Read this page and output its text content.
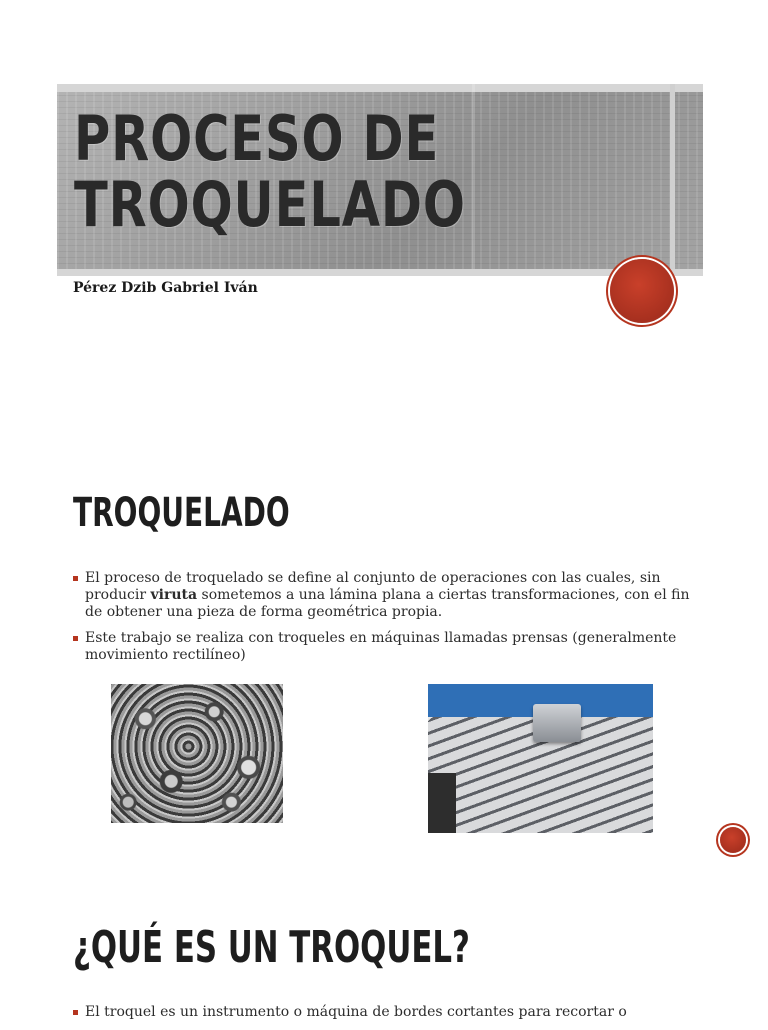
PROCESO DE
TROQUELADO
Pérez Dzib Gabriel Iván
TROQUELADO
El proceso de troquelado se define al conjunto de operaciones con las cuales, sin producir viruta sometemos a una lámina plana a ciertas transformaciones, con el fin de obtener una pieza de forma geométrica propia.
Este trabajo se realiza con troqueles en máquinas llamadas prensas (generalmente movimiento rectilíneo)
¿QUÉ ES UN TROQUEL?
El troquel es un instrumento o máquina de bordes cortantes para recortar o
